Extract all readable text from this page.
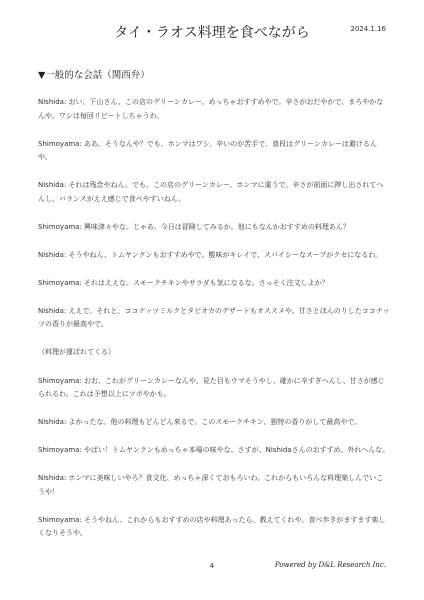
タイ・ラオス料理を食べながら	2024.1.16
▼一般的な会話（関西弁）

Nishida: おい、下山さん、この店のグリーンカレー、めっちゃおすすめやで。辛さがおだやかで、まろやかなんや。ワシは毎回リピートしちゃうわ。

Shimoyama: ああ、そうなんや？でも、ホンマはワシ、辛いのが苦手で、普段はグリーンカレーは避けるんや。

Nishida: それは残念やねん。でも、この店のグリーンカレー、ホンマに違うで。辛さが前面に押し出されてへんし、バランスがええ感じで食べやすいねん。

Shimoyama: 興味津々やな。じゃあ、今日は冒険してみるか。他にもなんかおすすめの料理あん？

Nishida: そうやねん、トムヤンクンもおすすめやで。酸味がキレイで、スパイシーなスープがクセになるわ。

Shimoyama: それはええな。スモークチキンやサラダも気になるな。さっそく注文しよか？

Nishida: ええで。それと、ココナッツミルクとタピオカのデザートもオススメや。甘さとほんのりしたココナッツの香りが最高やで。

（料理が運ばれてくる）

Shimoyama: おお、これがグリーンカレーなんや。見た目もウマそうやし、確かに辛すぎへんし、甘さが感じられるわ。これは予想以上にツボやかも。

Nishida: よかったな。他の料理もどんどん来るで。このスモークチキン、独特の香りがして最高やで。

Shimoyama: やばい！トムヤンクンもめっちゃ本場の味やな。さすが、Nishidaさんのおすすめ、外れへんな。

Nishida: ホンマに美味しいやろ？食文化、めっちゃ深くておもろいわ。これからもいろんな料理楽しんでいこうや！

Shimoyama: そうやねん。これからもおすすめの店や料理あったら、教えてくれや。食べ歩きがますます楽しくなりそうや。

4	Powered by D&L Research Inc.
